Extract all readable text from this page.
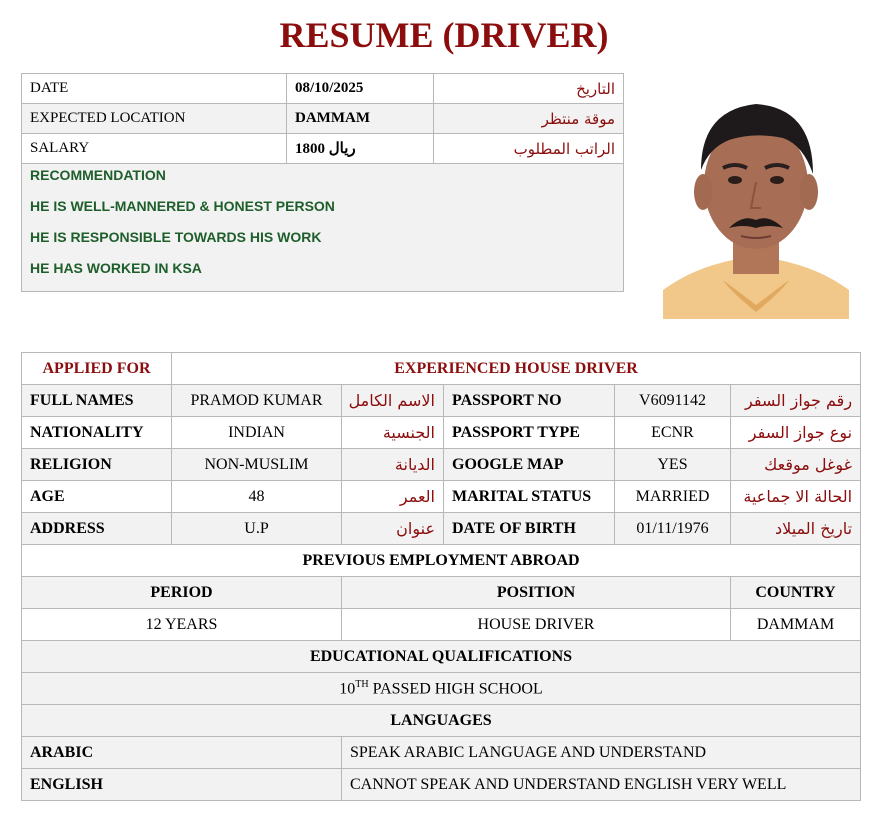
RESUME (DRIVER)
DATE	08/10/2025	التاريخ
EXPECTED LOCATION	DAMMAM	موقة منتظر
SALARY	1800 ريال	الراتب المطلوب

RECOMMENDATION
HE IS WELL-MANNERED & HONEST PERSON
HE IS RESPONSIBLE TOWARDS HIS WORK
HE HAS WORKED IN KSA		
APPLIED FOR	EXPERIENCED HOUSE DRIVER				
FULL NAMES	PRAMOD KUMAR	الاسم الكامل	PASSPORT NO	V6091142	رقم جواز السفر
NATIONALITY	INDIAN	الجنسية	PASSPORT TYPE	ECNR	نوع جواز السفر
RELIGION	NON-MUSLIM	الديانة	GOOGLE MAP	YES	غوغل موقعك
AGE	48	العمر	MARITAL STATUS	MARRIED	الحالة الا جماعية
ADDRESS	U.P	عنوان	DATE OF BIRTH	01/11/1976	تاريخ الميلاد
PREVIOUS EMPLOYMENT ABROAD					
PERIOD		POSITION			COUNTRY
12 YEARS		HOUSE DRIVER			DAMMAM
EDUCATIONAL QUALIFICATIONS					
10TH PASSED HIGH SCHOOL					
LANGUAGES					
ARABIC		SPEAK ARABIC LANGUAGE AND UNDERSTAND			
ENGLISH		CANNOT SPEAK AND UNDERSTAND ENGLISH VERY WELL			
